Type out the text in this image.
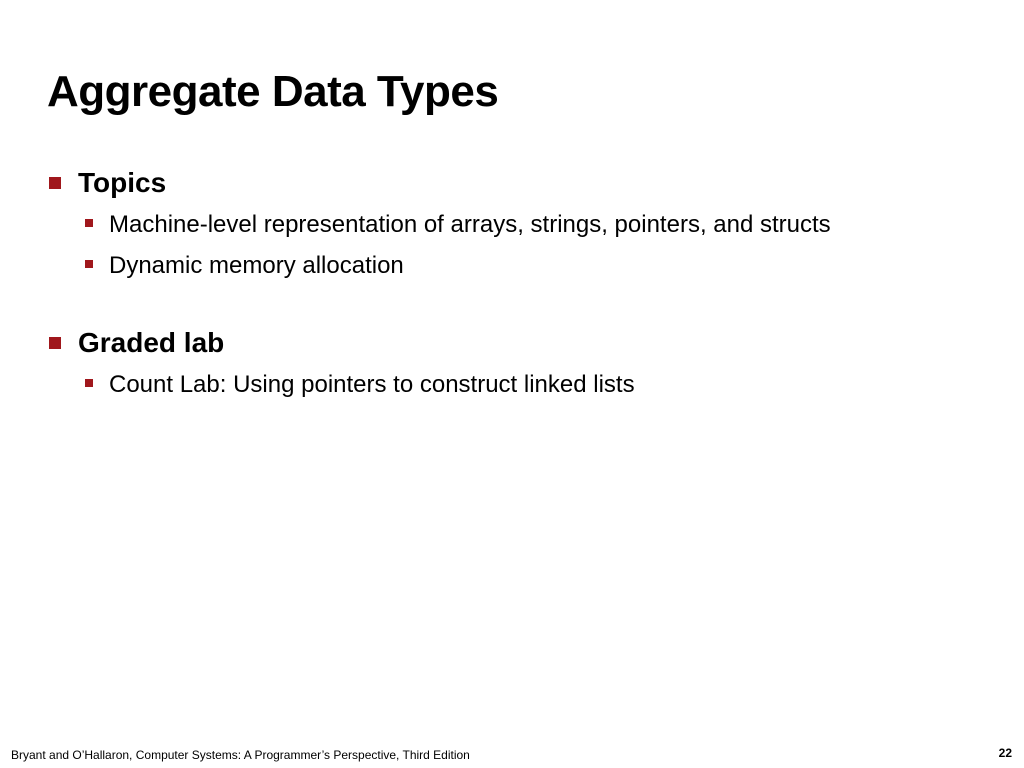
Aggregate Data Types
Topics
Machine-level representation of arrays, strings, pointers, and structs
Dynamic memory allocation
Graded lab
Count Lab: Using pointers to construct linked lists
Bryant and O’Hallaron, Computer Systems: A Programmer’s Perspective, Third Edition	22
